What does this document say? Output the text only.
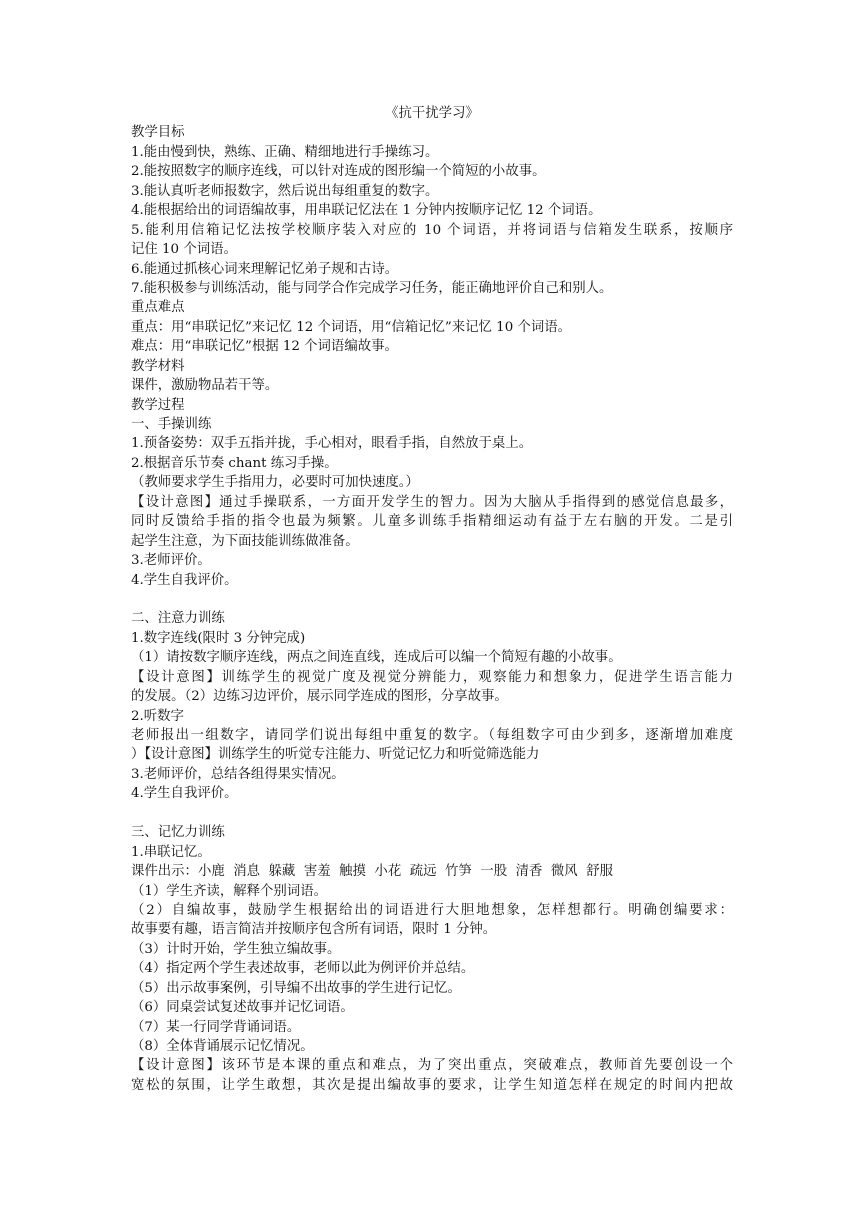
《抗干扰学习》
教学目标
1.能由慢到快，熟练、正确、精细地进行手操练习。
2.能按照数字的顺序连线，可以针对连成的图形编一个简短的小故事。
3.能认真听老师报数字，然后说出每组重复的数字。
4.能根据给出的词语编故事，用串联记忆法在 1 分钟内按顺序记忆 12 个词语。
5.能利用信箱记忆法按学校顺序装入对应的 10 个词语，并将词语与信箱发生联系，按顺序
记住 10 个词语。
6.能通过抓核心词来理解记忆弟子规和古诗。
7.能积极参与训练活动，能与同学合作完成学习任务，能正确地评价自己和别人。
重点难点
重点：用“串联记忆”来记忆 12 个词语，用“信箱记忆”来记忆 10 个词语。
难点：用“串联记忆”根据 12 个词语编故事。
教学材料
课件，激励物品若干等。
教学过程
一、手操训练
1.预备姿势：双手五指并拢，手心相对，眼看手指，自然放于桌上。
2.根据音乐节奏 chant 练习手操。
（教师要求学生手指用力，必要时可加快速度。）
【设计意图】通过手操联系，一方面开发学生的智力。因为大脑从手指得到的感觉信息最多，
同时反馈给手指的指令也最为频繁。儿童多训练手指精细运动有益于左右脑的开发。二是引
起学生注意，为下面技能训练做准备。
3.老师评价。
4.学生自我评价。
二、注意力训练
1.数字连线(限时 3 分钟完成)
（1）请按数字顺序连线，两点之间连直线，连成后可以编一个简短有趣的小故事。
【设计意图】训练学生的视觉广度及视觉分辨能力，观察能力和想象力，促进学生语言能力
的发展。（2）边练习边评价，展示同学连成的图形，分享故事。
2.听数字
老师报出一组数字，请同学们说出每组中重复的数字。（每组数字可由少到多，逐渐增加难度
）【设计意图】训练学生的听觉专注能力、听觉记忆力和听觉筛选能力
3.老师评价，总结各组得果实情况。
4.学生自我评价。
三、记忆力训练
1.串联记忆。
课件出示：小鹿  消息  躲藏  害羞  触摸  小花  疏远  竹笋  一股  清香  微风  舒服
（1）学生齐读，解释个别词语。
（2）自编故事，鼓励学生根据给出的词语进行大胆地想象，怎样想都行。明确创编要求：
故事要有趣，语言简洁并按顺序包含所有词语，限时 1 分钟。
（3）计时开始，学生独立编故事。
（4）指定两个学生表述故事，老师以此为例评价并总结。
（5）出示故事案例，引导编不出故事的学生进行记忆。
（6）同桌尝试复述故事并记忆词语。
（7）某一行同学背诵词语。
（8）全体背诵展示记忆情况。
【设计意图】该环节是本课的重点和难点，为了突出重点，突破难点，教师首先要创设一个
宽松的氛围，让学生敢想，其次是提出编故事的要求，让学生知道怎样在规定的时间内把故
